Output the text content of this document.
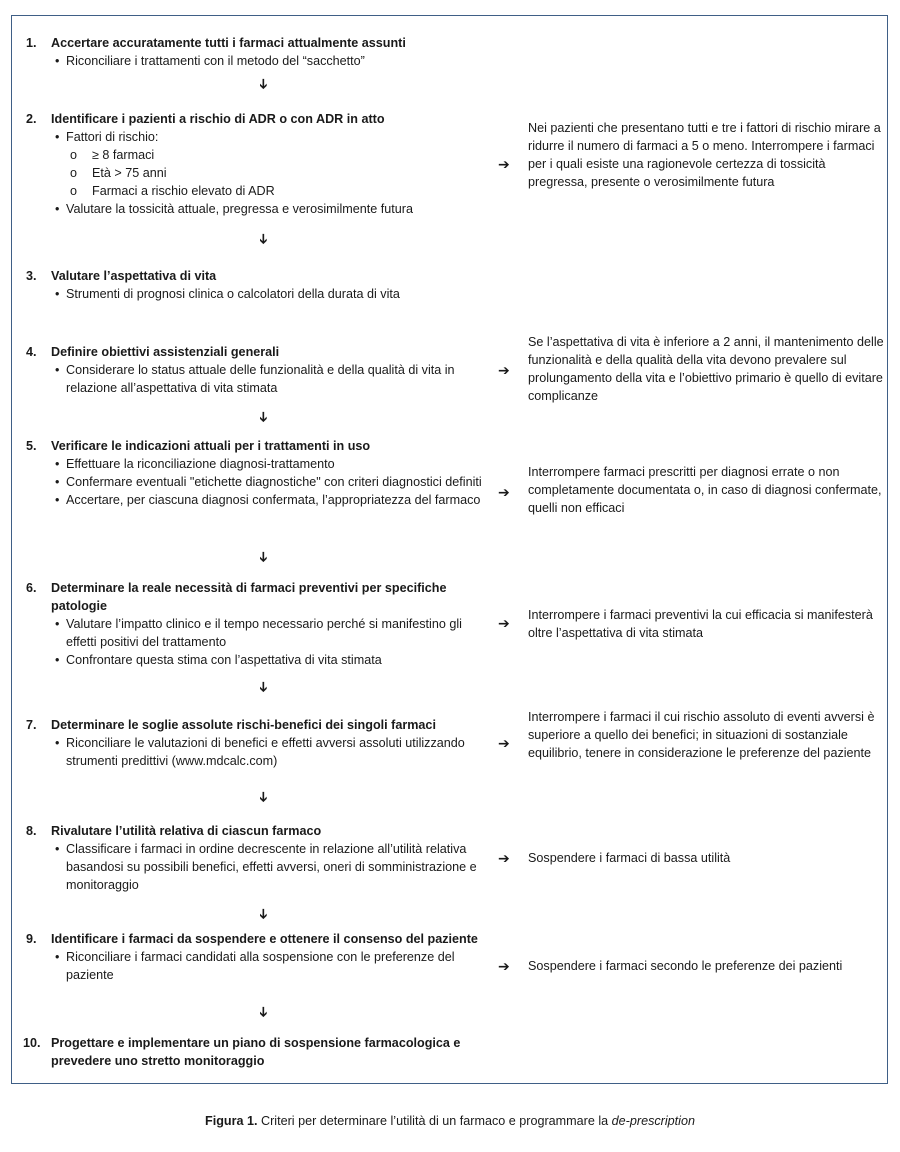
1. Accertare accuratamente tutti i farmaci attualmente assunti
• Riconciliare i trattamenti con il metodo del “sacchetto”
➔
2. Identificare i pazienti a rischio di ADR o con ADR in atto
• Fattori di rischio:
o ≥ 8 farmaci
o Età > 75 anni
o Farmaci a rischio elevato di ADR
• Valutare la tossicità attuale, pregressa e verosimilmente futura
➔
Nei pazienti che presentano tutti e tre i fattori di rischio mirare a ridurre il numero di farmaci a 5 o meno. Interrompere i farmaci per i quali esiste una ragionevole certezza di tossicità pregressa, presente o verosimilmente futura
➔
3. Valutare l’aspettativa di vita
• Strumenti di prognosi clinica o calcolatori della durata di vita
4. Definire obiettivi assistenziali generali
• Considerare lo status attuale delle funzionalità e della qualità di vita in relazione all’aspettativa di vita stimata
➔
Se l’aspettativa di vita è inferiore a 2 anni, il mantenimento delle funzionalità e della qualità della vita devono prevalere sul prolungamento della vita e l’obiettivo primario è quello di evitare complicanze
➔
5. Verificare le indicazioni attuali per i trattamenti in uso
• Effettuare la riconciliazione diagnosi-trattamento
• Confermare eventuali "etichette diagnostiche" con criteri diagnostici definiti
• Accertare, per ciascuna diagnosi confermata, l’appropriatezza del farmaco	➔
Interrompere farmaci prescritti per diagnosi errate o non completamente documentata o, in caso di diagnosi confermate, quelli non efficaci
➔
6. Determinare la reale necessità di farmaci preventivi per specifiche patologie
• Valutare l’impatto clinico e il tempo necessario perché si manifestino gli effetti positivi del trattamento
• Confrontare questa stima con l’aspettativa di vita stimata
➔ Interrompere i farmaci preventivi la cui efficacia si manifesterà oltre l’aspettativa di vita stimata
➔
7. Determinare le soglie assolute rischi-benefici dei singoli farmaci
• Riconciliare le valutazioni di benefici e effetti avversi assoluti utilizzando strumenti predittivi (www.mdcalc.com)
➔
Interrompere i farmaci il cui rischio assoluto di eventi avversi è superiore a quello dei benefici; in situazioni di sostanziale equilibrio, tenere in considerazione le preferenze del paziente
➔
8. Rivalutare l’utilità relativa di ciascun farmaco
• Classificare i farmaci in ordine decrescente in relazione all’utilità relativa basandosi su possibili benefici, effetti avversi, oneri di somministrazione e monitoraggio
➔ Sospendere i farmaci di bassa utilità
➔
9. Identificare i farmaci da sospendere e ottenere il consenso del paziente
• Riconciliare i farmaci candidati alla sospensione con le preferenze del paziente
➔ Sospendere i farmaci secondo le preferenze dei pazienti
➔
10. Progettare e implementare un piano di sospensione farmacologica e prevedere uno stretto monitoraggio
Figura 1. Criteri per determinare l’utilità di un farmaco e programmare la de-prescription
